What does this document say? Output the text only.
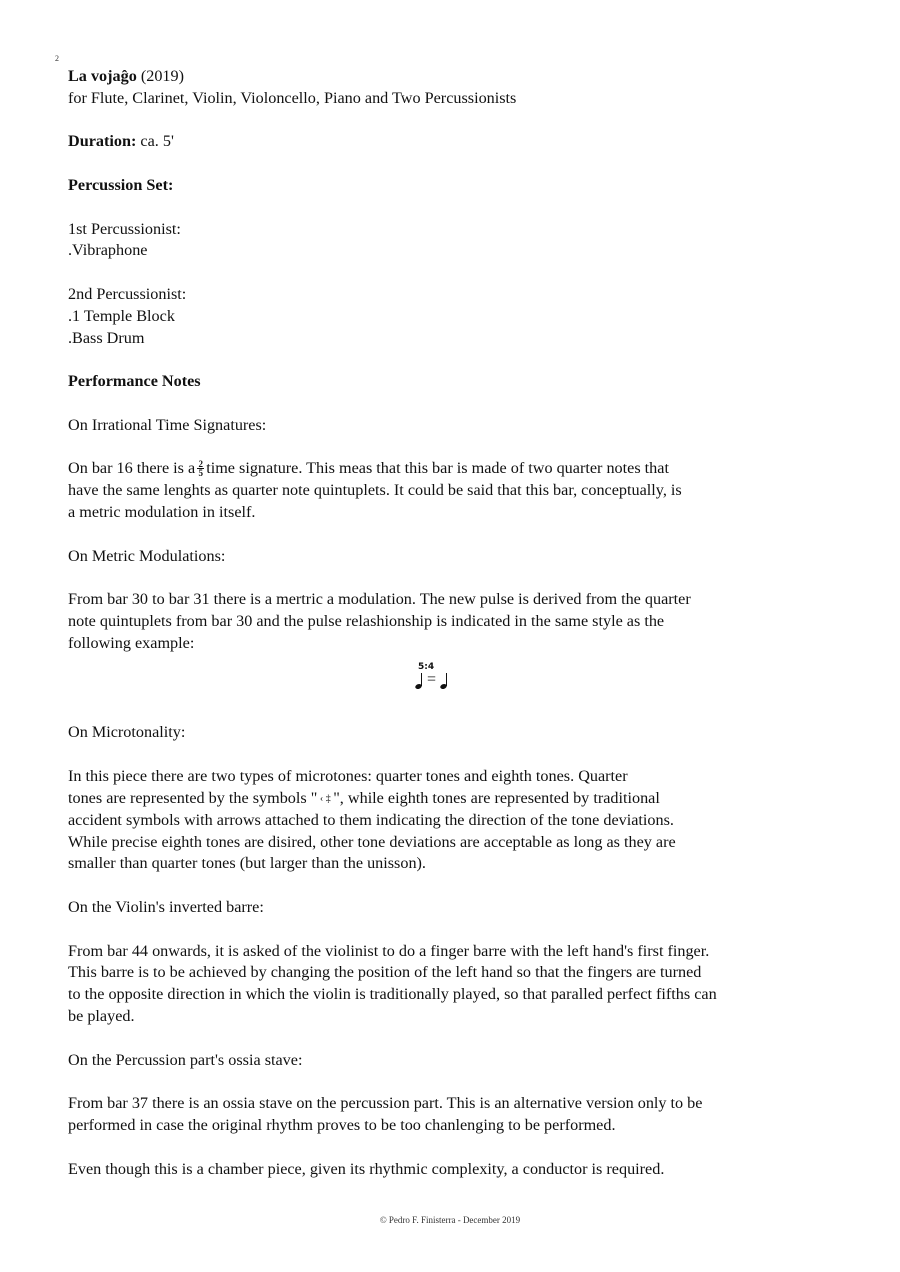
2

La vojaĝo (2019)

for Flute, Clarinet, Violin, Violoncello, Piano and Two Percussionists

Duration: ca. 5'

Percussion Set:

1st Percussionist:

.Vibraphone

2nd Percussionist:

.1 Temple Block

.Bass Drum

Performance Notes

On Irrational Time Signatures:

On bar 16 there is a $\frac{2}{5}$ time signature. This meas that this bar is made of two quarter notes that

have the same lenghts as quarter note quintuplets. It could be said that this bar, conceptually, is

a metric modulation in itself.

On Metric Modulations:

From bar 30 to bar 31 there is a mertric a modulation. The new pulse is derived from the quarter

note quintuplets from bar 30 and the pulse relashionship is indicated in the same style as the

following example:

5:4
=

On Microtonality:

In this piece there are two types of microtones: quarter tones and eighth tones. Quarter

tones are represented by the symbols " ‹ ‡ ", while eighth tones are represented by traditional

accident symbols with arrows attached to them indicating the direction of the tone deviations.

While precise eighth tones are disired, other tone deviations are acceptable as long as they are

smaller than quarter tones (but larger than the unisson).

On the Violin's inverted barre:

From bar 44 onwards, it is asked of the violinist to do a finger barre with the left hand's first finger.

This barre is to be achieved by changing the position of the left hand so that the fingers are turned

to the opposite direction in which the violin is traditionally played, so that paralled perfect fifths can

be played.

On the Percussion part's ossia stave:

From bar 37 there is an ossia stave on the percussion part. This is an alternative version only to be

performed in case the original rhythm proves to be too chanlenging to be performed.

Even though this is a chamber piece, given its rhythmic complexity, a conductor is required.

© Pedro F. Finisterra - December 2019
